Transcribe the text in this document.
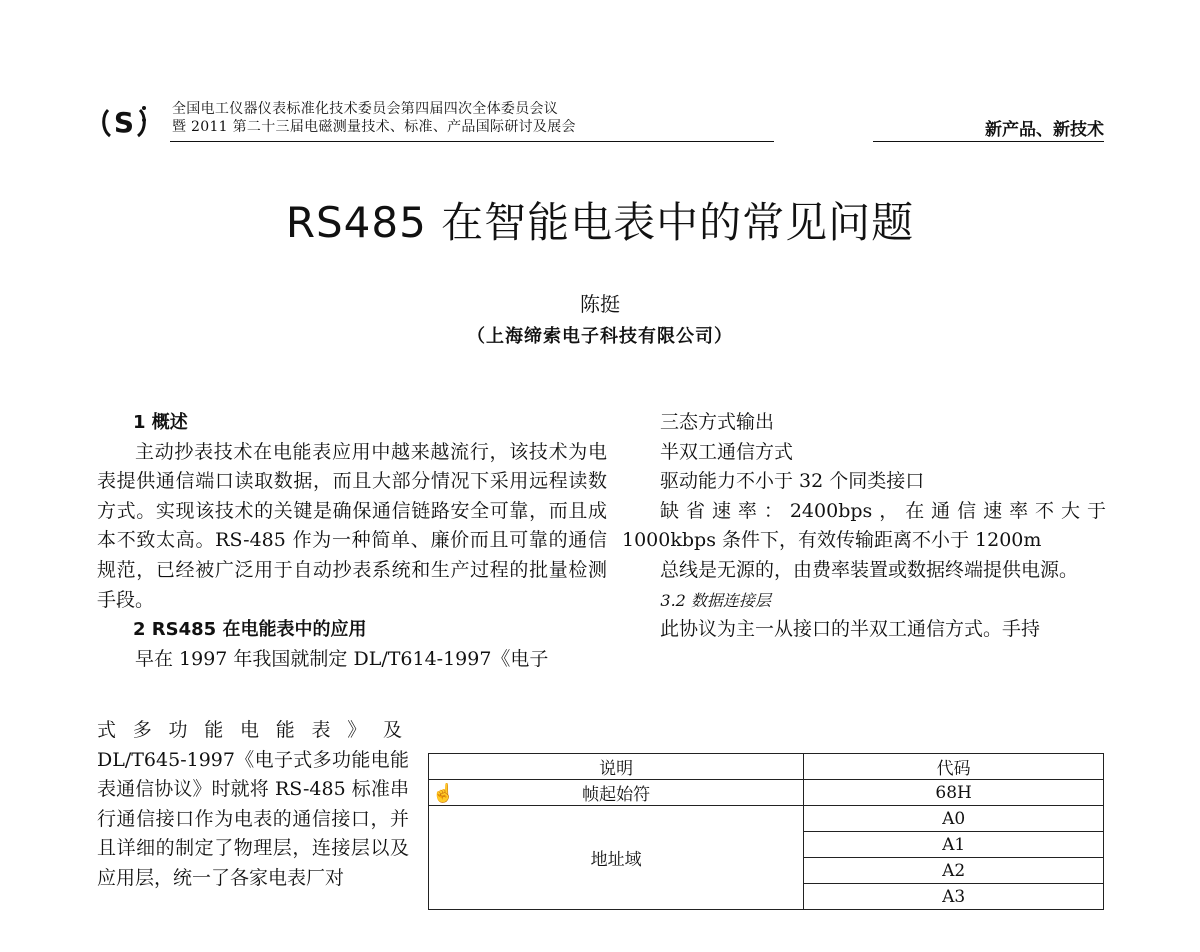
S	全国电工仪器仪表标准化技术委员会第四届四次全体委员会议
暨 2011 第二十三届电磁测量技术、标准、产品国际研讨及展会	新产品、新技术
RS485 在智能电表中的常见问题
陈挺
（上海缔索电子科技有限公司）

1 概述

主动抄表技术在电能表应用中越来越流行，该技术为电表提供通信端口读取数据，而且大部分情况下采用远程读数方式。实现该技术的关键是确保通信链路安全可靠，而且成本不致太高。RS-485 作为一种简单、廉价而且可靠的通信规范，已经被广泛用于自动抄表系统和生产过程的批量检测手段。

2 RS485 在电能表中的应用

早在 1997 年我国就制定 DL/T614-1997《电子

式多功能电能表》及

DL/T645-1997《电子式多功能电能表通信协议》时就将 RS-485 标准串行通信接口作为电表的通信接口，并且详细的制定了物理层，连接层以及应用层，统一了各家电表厂对

三态方式输出

半双工通信方式

驱动能力不小于 32 个同类接口

缺省速率：2400bps，在通信速率不大于

1000kbps 条件下，有效传输距离不小于 1200m

总线是无源的，由费率装置或数据终端提供电源。

3.2 数据连接层

此协议为主一从接口的半双工通信方式。手持

说明	代码
帧起始符	68H
地址域	A0
	A1
	A2
	A3
☝
